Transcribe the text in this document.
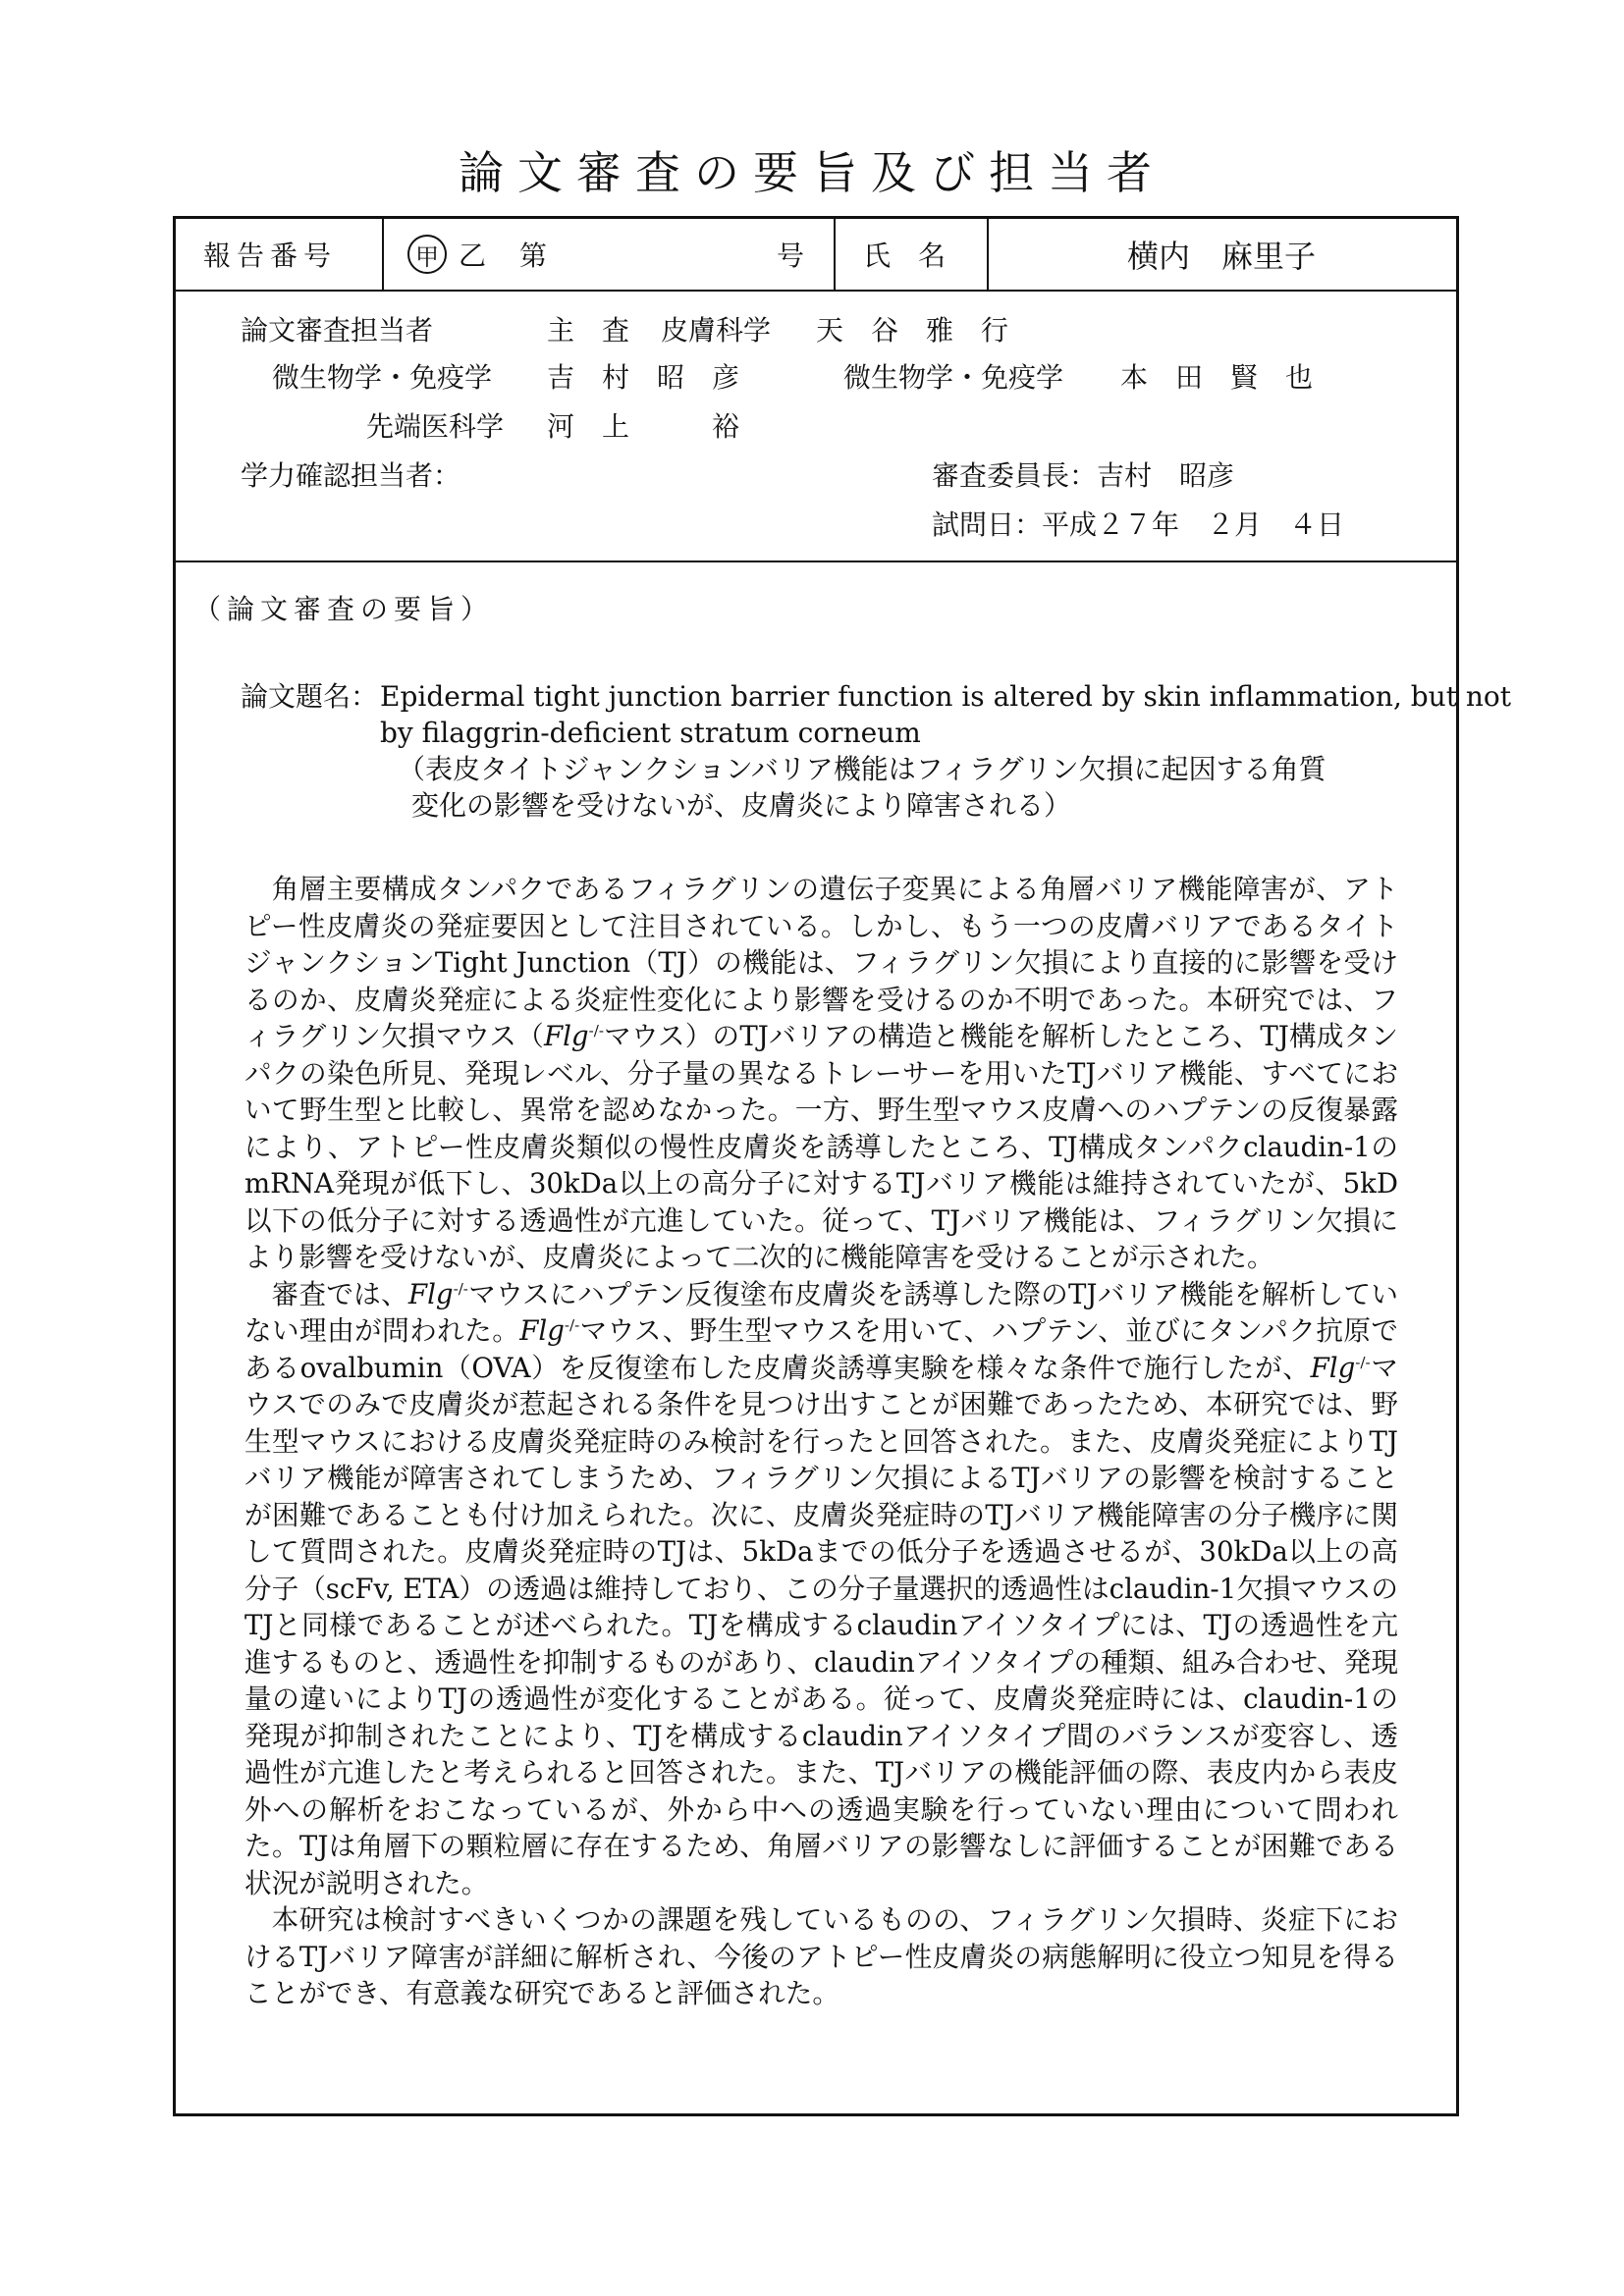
論文審査の要旨及び担当者
報告番号	甲 乙 第	号 氏　名	横内　麻里子
論文審査担当者	主　査 皮膚科学 天　谷　雅　行
微生物学・免疫学 吉　村　昭　彦	微生物学・免疫学 本　田　賢　也
先端医科学 河　上　　　裕
学力確認担当者：	審査委員長：吉村　昭彦
試問日：平成２７年　２月　４日
（論文審査の要旨）
論文題名： Epidermal tight junction barrier function is altered by skin inflammation, but not
by filaggrin-deficient stratum corneum
（表皮タイトジャンクションバリア機能はフィラグリン欠損に起因する角質
変化の影響を受けないが、皮膚炎により障害される）

角層主要構成タンパクであるフィラグリンの遺伝子変異による角層バリア機能障害が、アトピー性皮膚炎の発症要因として注目されている。しかし、もう一つの皮膚バリアであるタイトジャンクションTight Junction（TJ）の機能は、フィラグリン欠損により直接的に影響を受けるのか、皮膚炎発症による炎症性変化により影響を受けるのか不明であった。本研究では、フィラグリン欠損マウス（Flg-/-マウス）のTJバリアの構造と機能を解析したところ、TJ構成タンパクの染色所見、発現レベル、分子量の異なるトレーサーを用いたTJバリア機能、すべてにおいて野生型と比較し、異常を認めなかった。一方、野生型マウス皮膚へのハプテンの反復暴露により、アトピー性皮膚炎類似の慢性皮膚炎を誘導したところ、TJ構成タンパクclaudin-1のmRNA発現が低下し、30kDa以上の高分子に対するTJバリア機能は維持されていたが、5kD以下の低分子に対する透過性が亢進していた。従って、TJバリア機能は、フィラグリン欠損により影響を受けないが、皮膚炎によって二次的に機能障害を受けることが示された。

審査では、Flg-/-マウスにハプテン反復塗布皮膚炎を誘導した際のTJバリア機能を解析していない理由が問われた。Flg-/-マウス、野生型マウスを用いて、ハプテン、並びにタンパク抗原であるovalbumin（OVA）を反復塗布した皮膚炎誘導実験を様々な条件で施行したが、Flg-/-マウスでのみで皮膚炎が惹起される条件を見つけ出すことが困難であったため、本研究では、野生型マウスにおける皮膚炎発症時のみ検討を行ったと回答された。また、皮膚炎発症によりTJバリア機能が障害されてしまうため、フィラグリン欠損によるTJバリアの影響を検討することが困難であることも付け加えられた。次に、皮膚炎発症時のTJバリア機能障害の分子機序に関して質問された。皮膚炎発症時のTJは、5kDaまでの低分子を透過させるが、30kDa以上の高分子（scFv, ETA）の透過は維持しており、この分子量選択的透過性はclaudin-1欠損マウスのTJと同様であることが述べられた。TJを構成するclaudinアイソタイプには、TJの透過性を亢進するものと、透過性を抑制するものがあり、claudinアイソタイプの種類、組み合わせ、発現量の違いによりTJの透過性が変化することがある。従って、皮膚炎発症時には、claudin-1の発現が抑制されたことにより、TJを構成するclaudinアイソタイプ間のバランスが変容し、透過性が亢進したと考えられると回答された。また、TJバリアの機能評価の際、表皮内から表皮外への解析をおこなっているが、外から中への透過実験を行っていない理由について問われた。TJは角層下の顆粒層に存在するため、角層バリアの影響なしに評価することが困難である状況が説明された。

本研究は検討すべきいくつかの課題を残しているものの、フィラグリン欠損時、炎症下におけるTJバリア障害が詳細に解析され、今後のアトピー性皮膚炎の病態解明に役立つ知見を得ることができ、有意義な研究であると評価された。
